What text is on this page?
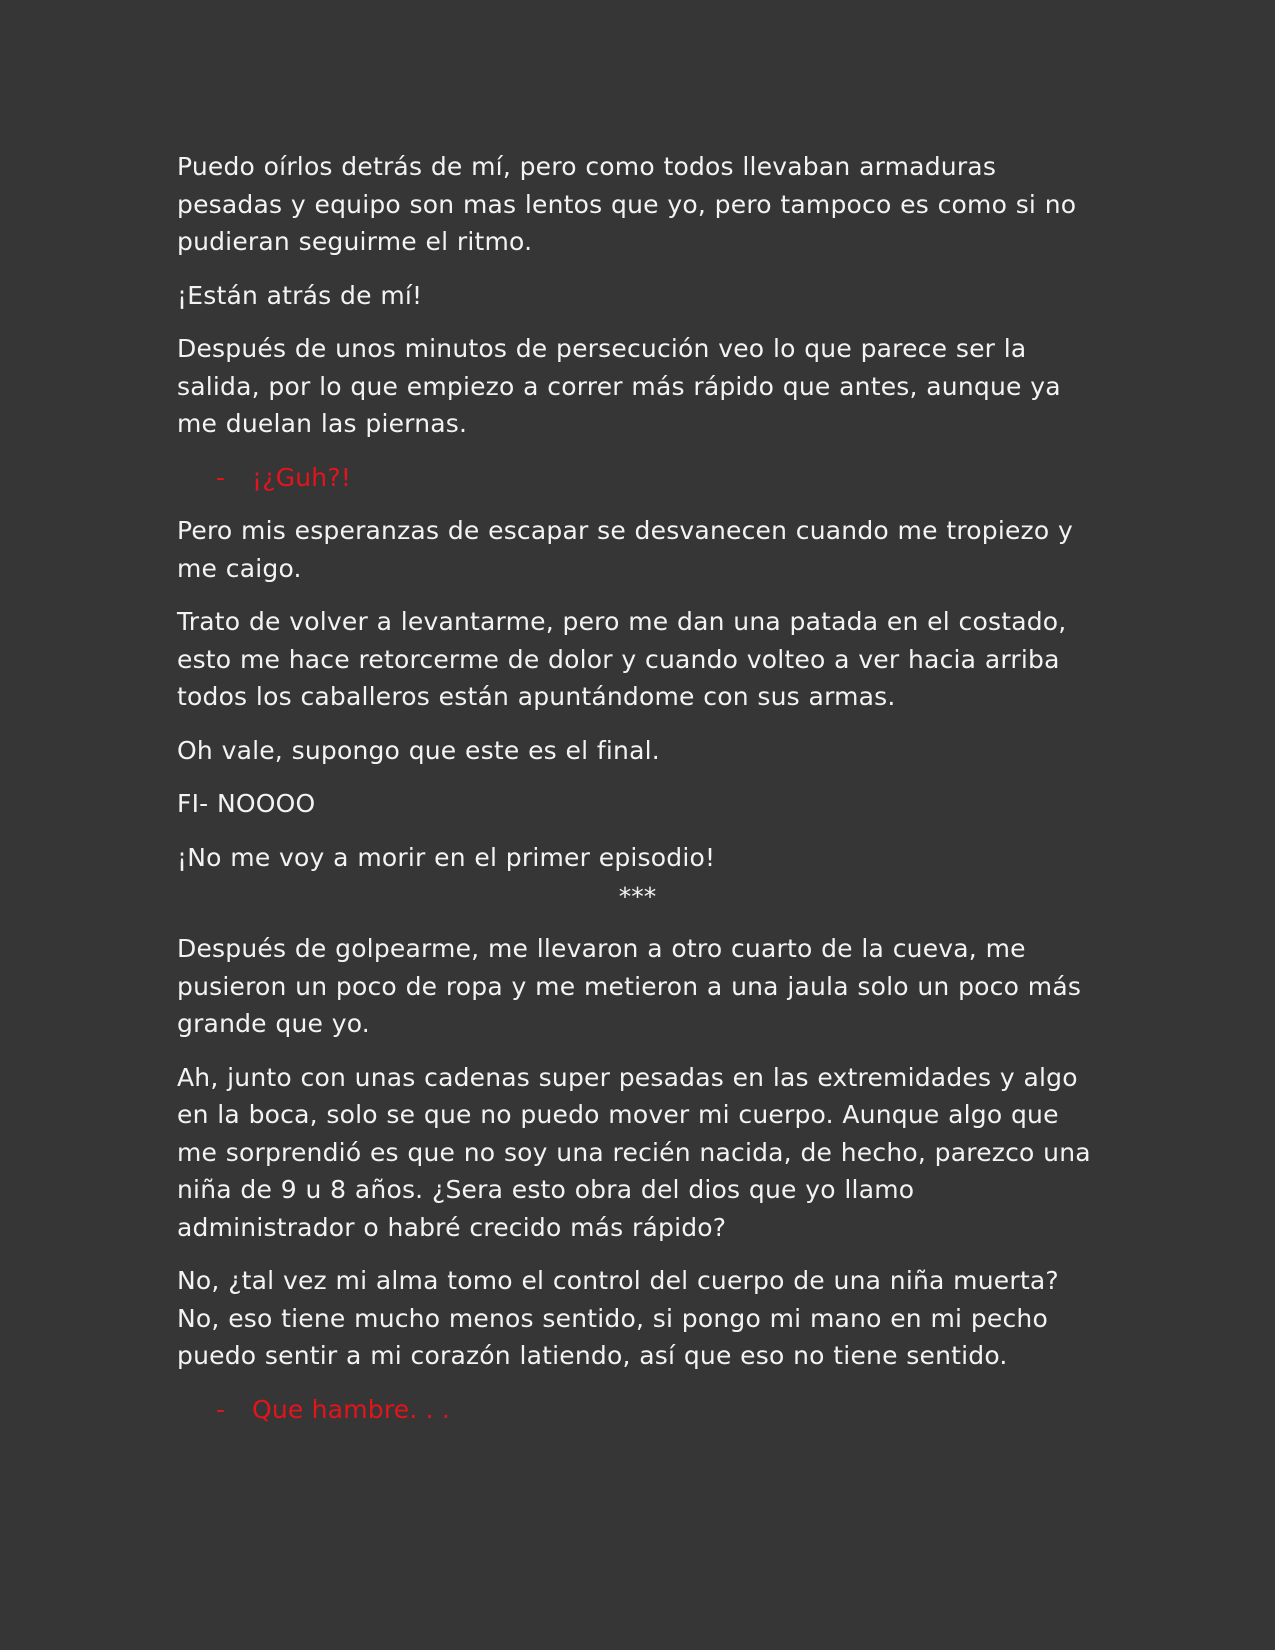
Puedo oírlos detrás de mí, pero como todos llevaban armaduras pesadas y equipo son mas lentos que yo, pero tampoco es como si no pudieran seguirme el ritmo.

¡Están atrás de mí!

Después de unos minutos de persecución veo lo que parece ser la salida, por lo que empiezo a correr más rápido que antes, aunque ya me duelan las piernas.

-	¡¿Guh?!

Pero mis esperanzas de escapar se desvanecen cuando me tropiezo y me caigo.

Trato de volver a levantarme, pero me dan una patada en el costado, esto me hace retorcerme de dolor y cuando volteo a ver hacia arriba todos los caballeros están apuntándome con sus armas.

Oh vale, supongo que este es el final.

FI- NOOOO

¡No me voy a morir en el primer episodio!

***

Después de golpearme, me llevaron a otro cuarto de la cueva, me pusieron un poco de ropa y me metieron a una jaula solo un poco más grande que yo.

Ah, junto con unas cadenas super pesadas en las extremidades y algo en la boca, solo se que no puedo mover mi cuerpo. Aunque algo que me sorprendió es que no soy una recién nacida, de hecho, parezco una niña de 9 u 8 años. ¿Sera esto obra del dios que yo llamo administrador o habré crecido más rápido?

No, ¿tal vez mi alma tomo el control del cuerpo de una niña muerta? No, eso tiene mucho menos sentido, si pongo mi mano en mi pecho puedo sentir a mi corazón latiendo, así que eso no tiene sentido.

-	Que hambre. . .
